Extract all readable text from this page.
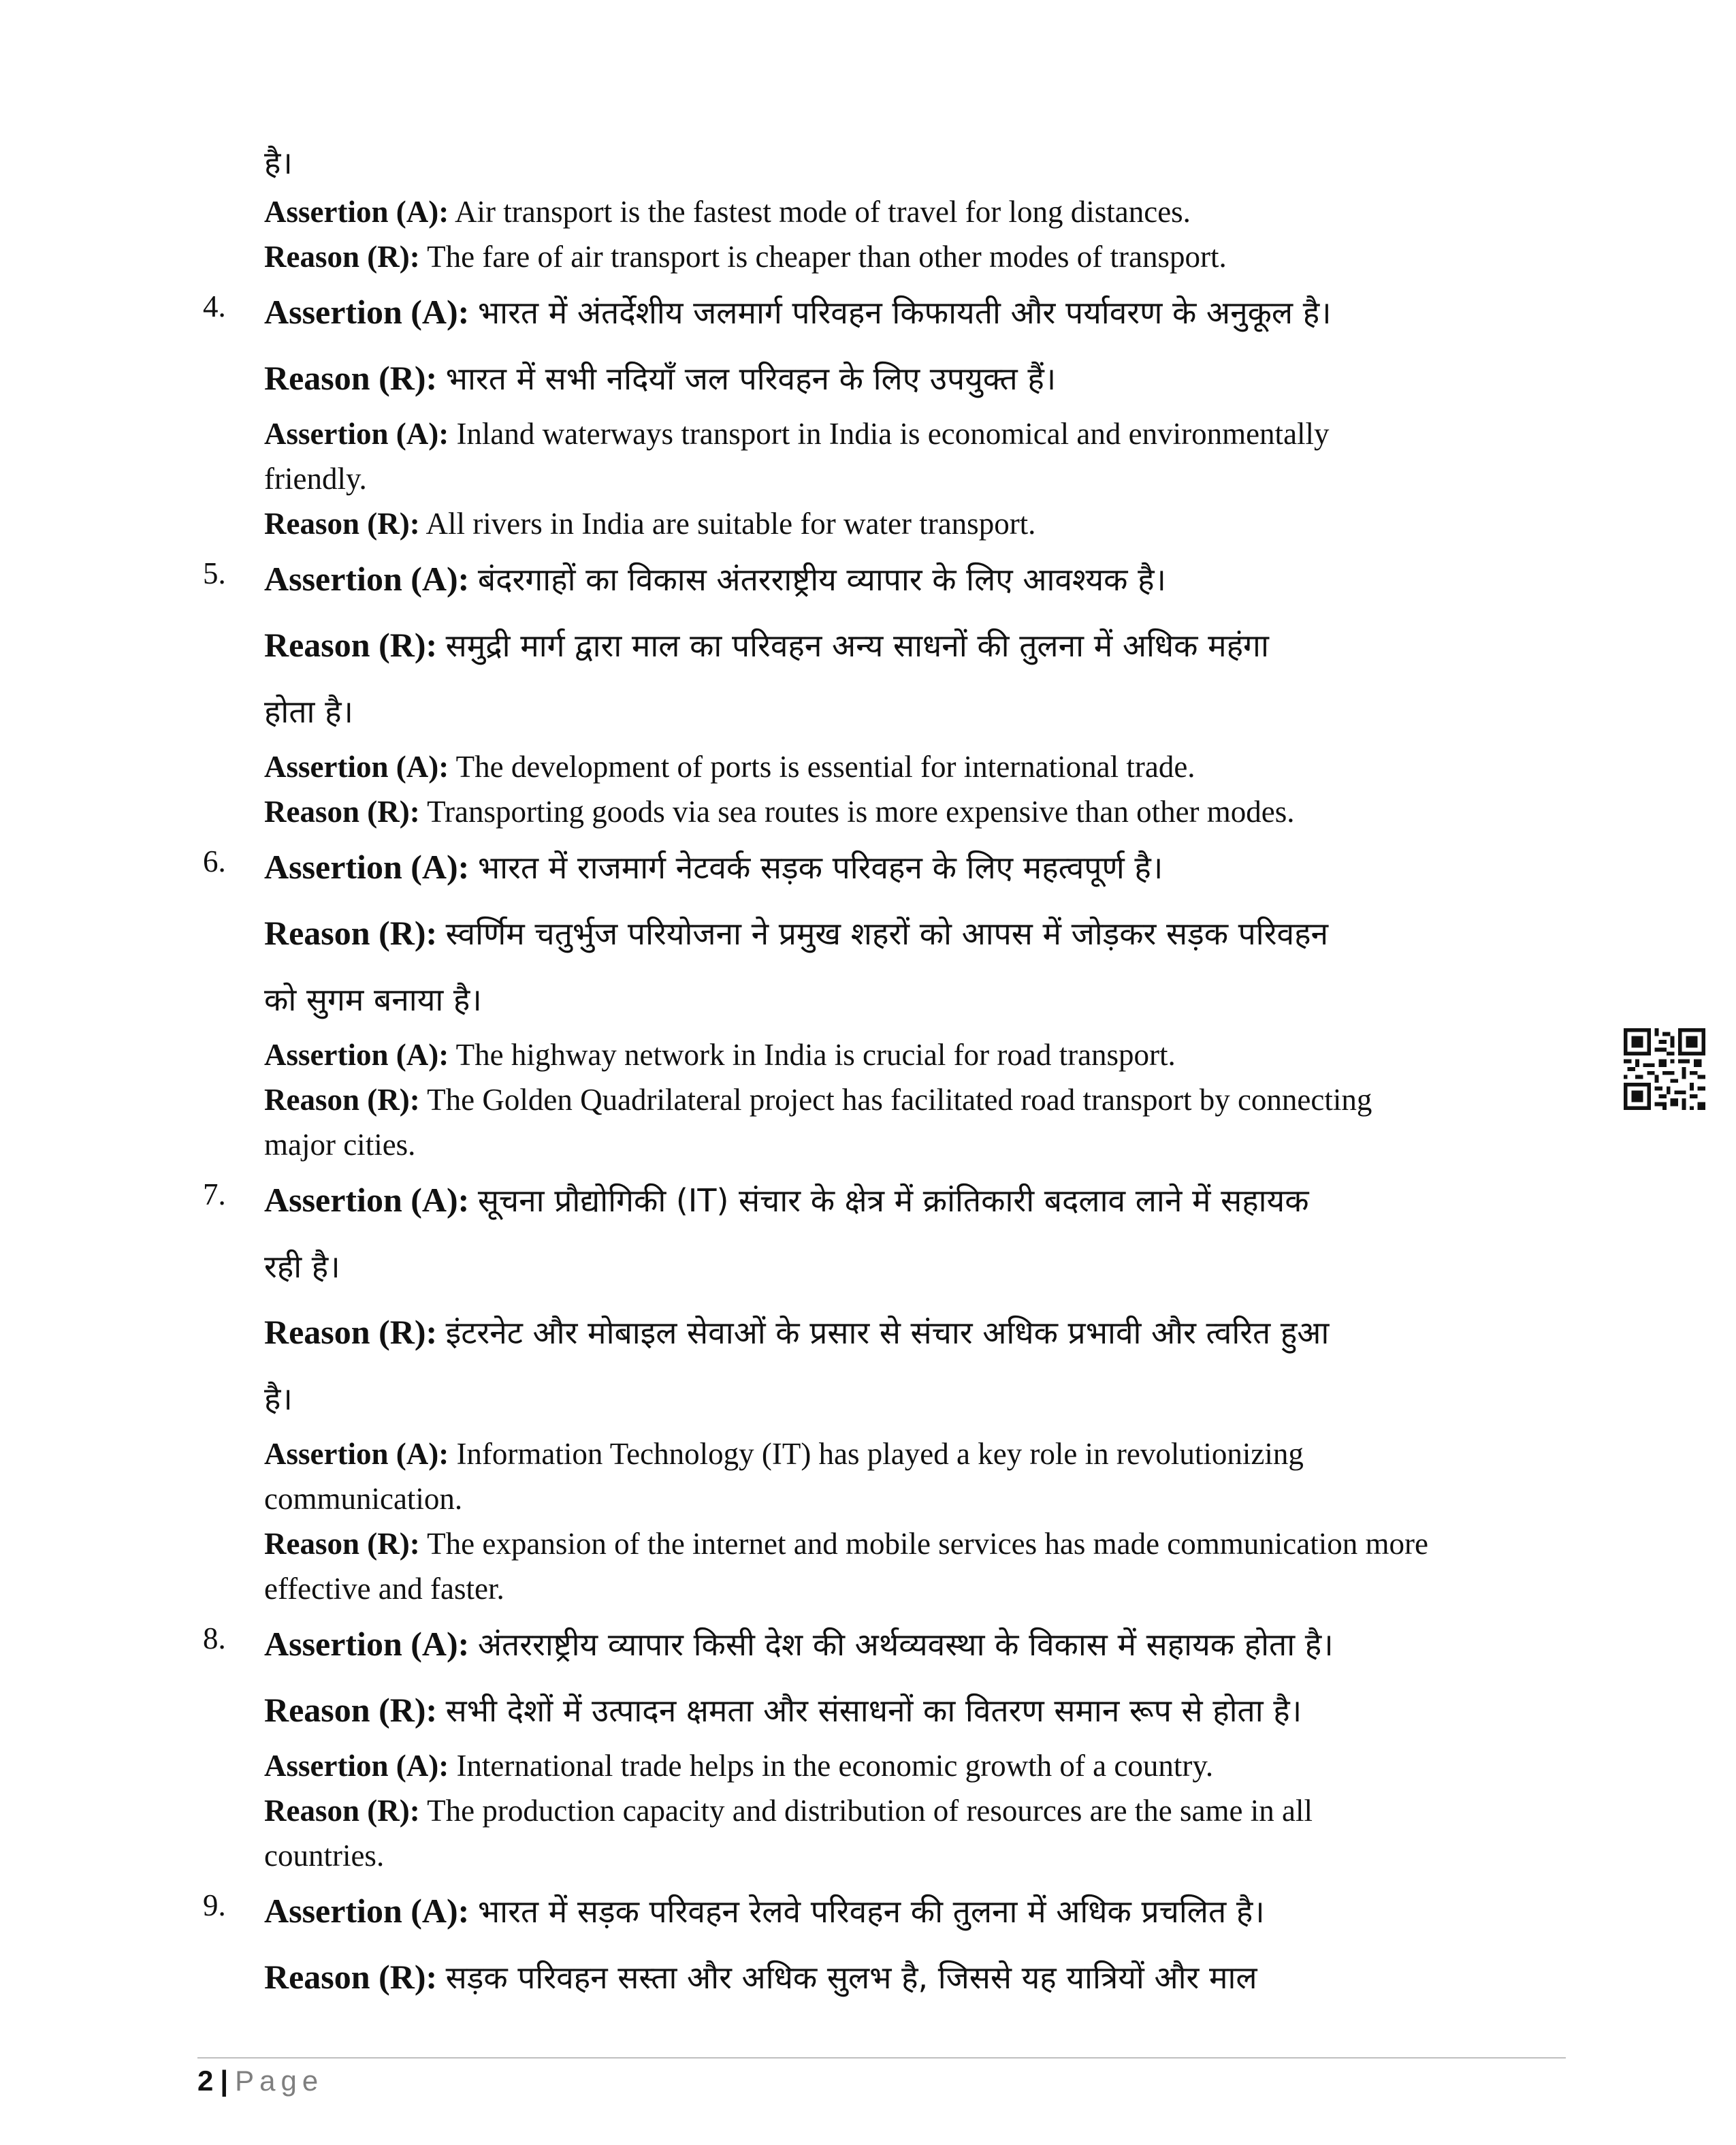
है।
Assertion (A): Air transport is the fastest mode of travel for long distances.
Reason (R): The fare of air transport is cheaper than other modes of transport.
4. Assertion (A): भारत में अंतर्देशीय जलमार्ग परिवहन किफायती और पर्यावरण के अनुकूल है।
Reason (R): भारत में सभी नदियाँ जल परिवहन के लिए उपयुक्त हैं।
Assertion (A): Inland waterways transport in India is economical and environmentally
friendly.
Reason (R): All rivers in India are suitable for water transport.
5. Assertion (A): बंदरगाहों का विकास अंतरराष्ट्रीय व्यापार के लिए आवश्यक है।
Reason (R): समुद्री मार्ग द्वारा माल का परिवहन अन्य साधनों की तुलना में अधिक महंगा
होता है।
Assertion (A): The development of ports is essential for international trade.
Reason (R): Transporting goods via sea routes is more expensive than other modes.
6. Assertion (A): भारत में राजमार्ग नेटवर्क सड़क परिवहन के लिए महत्वपूर्ण है।
Reason (R): स्वर्णिम चतुर्भुज परियोजना ने प्रमुख शहरों को आपस में जोड़कर सड़क परिवहन
को सुगम बनाया है।
Assertion (A): The highway network in India is crucial for road transport.
Reason (R): The Golden Quadrilateral project has facilitated road transport by connecting
major cities.
7. Assertion (A): सूचना प्रौद्योगिकी (IT) संचार के क्षेत्र में क्रांतिकारी बदलाव लाने में सहायक
रही है।
Reason (R): इंटरनेट और मोबाइल सेवाओं के प्रसार से संचार अधिक प्रभावी और त्वरित हुआ
है।
Assertion (A): Information Technology (IT) has played a key role in revolutionizing
communication.
Reason (R): The expansion of the internet and mobile services has made communication more
effective and faster.
8. Assertion (A): अंतरराष्ट्रीय व्यापार किसी देश की अर्थव्यवस्था के विकास में सहायक होता है।
Reason (R): सभी देशों में उत्पादन क्षमता और संसाधनों का वितरण समान रूप से होता है।
Assertion (A): International trade helps in the economic growth of a country.
Reason (R): The production capacity and distribution of resources are the same in all
countries.
9. Assertion (A): भारत में सड़क परिवहन रेलवे परिवहन की तुलना में अधिक प्रचलित है।
Reason (R): सड़क परिवहन सस्ता और अधिक सुलभ है, जिससे यह यात्रियों और माल
2 | Page
